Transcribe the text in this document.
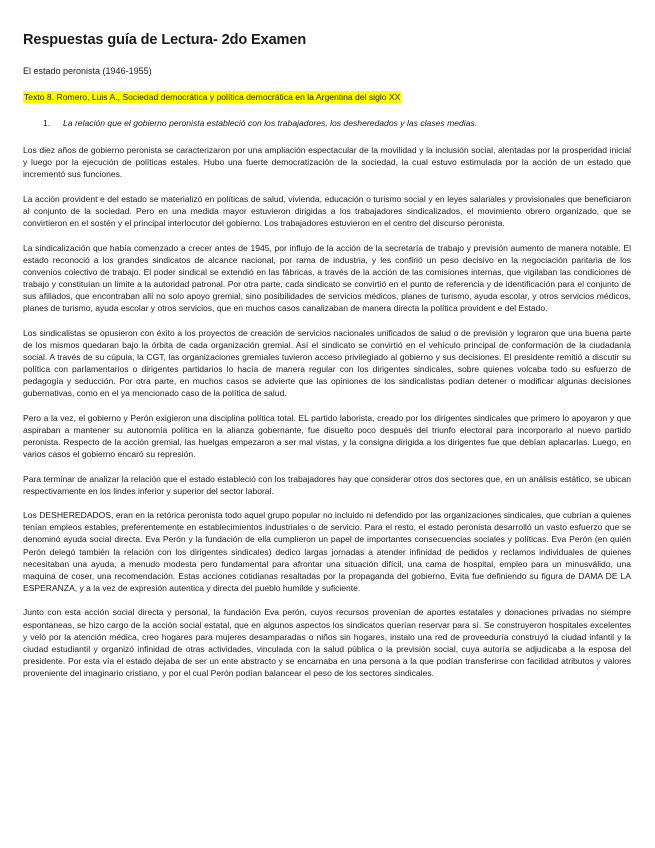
Respuestas guía de Lectura- 2do Examen
El estado peronista (1946-1955)
Texto 8. Romero, Luis A., Sociedad democrática y política democrática en la Argentina del siglo XX
1. La relación que el gobierno peronista estableció con los trabajadores, los desheredados y las clases medias.

Los diez años de gobierno peronista se caracterizaron por una ampliación espectacular de la movilidad y la inclusión social, alentadas por la prosperidad inicial y luego por la ejecución de políticas estales. Hubo una fuerte democratización de la sociedad, la cual estuvo estimulada por la acción de un estado que incrementó sus funciones.

La acción provident e del estado se materializó en políticas de salud, vivienda, educación o turismo social y en leyes salariales y provisionales que beneficiaron al conjunto de la sociedad. Pero en una medida mayor estuvieron dirigidas a los trabajadores sindicalizados, el movimiento obrero organizado, que se convirtieron en el sostén y el principal interlocutor del gobierno. Los trabajadores estuvieron en el centro del discurso peronista.

La sindicalización que había comenzado a crecer antes de 1945, por influjo de la acción de la secretaría de trabajo y previsión aumento de manera notable. El estado reconoció a los grandes sindicatos de alcance nacional, por rama de industria, y les confirió un peso decisivo en la negociación paritaria de los convenios colectivo de trabajo. El poder sindical se extendió en las fábricas, a través de la acción de las comisiones internas, que vigilaban las condiciones de trabajo y constituían un limite a la autoridad patronal. Por otra parte, cada sindicato se convirtió en el punto de referencia y de identificación para el conjunto de sus afiliados, que encontraban allí no solo apoyo gremial, sino posibilidades de servicios médicos, planes de turismo, ayuda escolar, y otros servicios médicos, planes de turismo, ayuda escolar y otros servicios, que en muchos casos canalizaban de manera directa la política provident e del Estado.

Los sindicalistas se opusieron con éxito a los proyectos de creación de servicios nacionales unificados de salud o de previsión y lograron que una buena parte de los mismos quedaran bajo la órbita de cada organización gremial. Así el sindicato se convirtió en el vehículo principal de conformación de la ciudadanía social. A través de su cúpula, la CGT, las organizaciones gremiales tuvieron acceso privilegiado al gobierno y sus decisiones. El presidente remitió a discutir su política con parlamentarios o dirigentes partidarios lo hacía de manera regular con los dirigentes sindicales, sobre quienes volcaba todo su esfuerzo de pedagogía y seducción. Por otra parte, en muchos casos se advierte que las opiniones de los sindicalistas podían detener o modificar algunas decisiones gubernativas, como en el ya mencionado caso de la política de salud.

Pero a la vez, el gobierno y Perón exigieron una disciplina política total. EL partido laborista, creado por los dirigentes sindicales que primero lo apoyaron y que aspiraban a mantener su autonomía política en la alianza gobernante, fue disuelto poco después del triunfo electoral para incorporarlo al nuevo partido peronista. Respecto de la acción gremial, las huelgas empezaron a ser mal vistas, y la consigna dirigida a los dirigentes fue que debían aplacarlas. Luego, en varios casos el gobierno encaró su represión.

Para terminar de analizar la relación que el estado estableció con los trabajadores hay que considerar otros dos sectores que, en un análisis estático, se ubican respectivamente en los lindes inferior y superior del sector laboral.

Los DESHEREDADOS, eran en la retórica peronista todo aquel grupo popular no incluido ni defendido por las organizaciones sindicales, que cubrían a quienes tenían empleos estables, preferentemente en establecimientos industriales o de servicio. Para el resto, el estado peronista desarrolló un vasto esfuerzo que se denominó ayuda social directa. Eva Perón y la fundación de ella cumplieron un papel de importantes consecuencias sociales y políticas. Eva Perón (en quién Perón delegó también la relación con los dirigentes sindicales) dedico largas jornadas a atender infinidad de pedidos y reclamos individuales de quienes necesitaban una ayuda, a menudo modesta pero fundamental para afrontar una situación difícil, una cama de hospital, empleo para un minusválido, una maquina de coser, una recomendación. Estas acciones cotidianas resaltadas por la propaganda del gobierno, Evita fue definiendo su figura de DAMA DE LA ESPERANZA, y a la vez de expresión autentica y directa del pueblo humilde y suficiente.

Junto con esta acción social directa y personal, la fundación Eva perón, cuyos recursos provenían de aportes estatales y donaciones privadas no siempre espontaneas, se hizo cargo de la acción social estatal, que en algunos aspectos los sindicatos querían reservar para sí. Se construyeron hospitales excelentes y veló por la atención médica, creo hogares para mujeres desamparadas o niños sin hogares, instalo una red de proveeduría construyó la ciudad infantil y la ciudad estudiantil y organizó infinidad de otras actividades, vinculada con la salud pública o la previsión social, cuya autoría se adjudicaba a la esposa del presidente. Por esta vía el estado dejaba de ser un ente abstracto y se encarnaba en una persona a la que podían transferirse con facilidad atributos y valores proveniente del imaginario cristiano, y por el cual Perón podían balancear el peso de los sectores sindicales.
